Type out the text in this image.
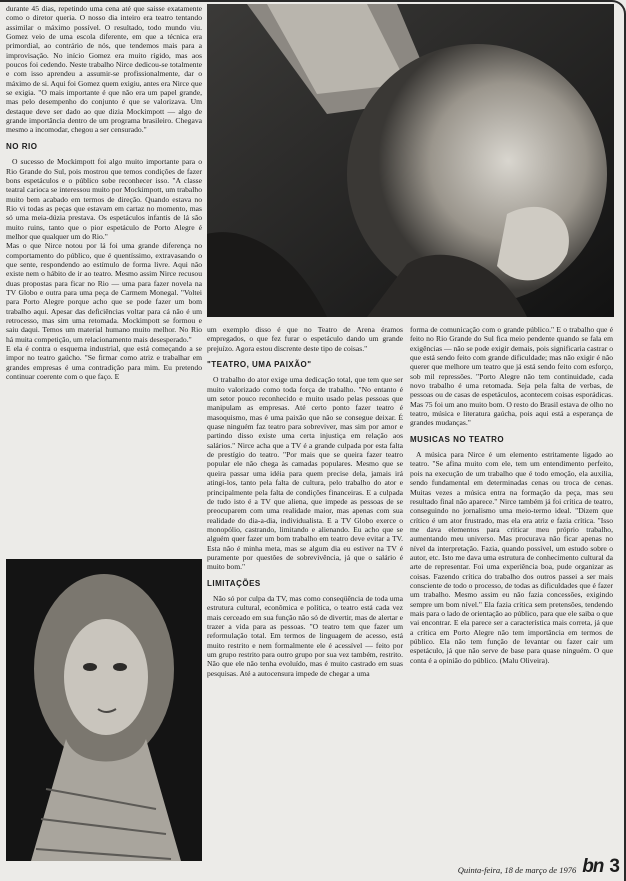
durante 45 dias, repetindo uma cena até que saisse exatamente como o diretor queria. O nosso dia inteiro era teatro tentando assimilar o máximo possível. O resultado, todo mundo viu. Gomez veio de uma escola diferente, em que a técnica era primordial, ao contrário de nós, que tendemos mais para a improvisação. No início Gomez era muito rígido, mas aos poucos foi cedendo. Neste trabalho Nirce dedicou-se totalmente e com isso aprendeu a assumir-se profissionalmente, dar o máximo de si. Aqui foi Gomez quem exigiu, antes era Nirce que se exigia. "O mais importante é que não era um papel grande, mas pelo desempenho do conjunto é que se valorizava. Um destaque deve ser dado ao que dizia Mockimpott — algo de grande importância dentro de um programa brasileiro. Chegava mesmo a incomodar, chegou a ser censurado."

NO RIO

O sucesso de Mockimpott foi algo muito importante para o Rio Grande do Sul, pois mostrou que temos condições de fazer bons espetáculos e o público sobe reconhecer isso. "A classe teatral carioca se interessou muito por Mockimpott, um trabalho muito bem acabado em termos de direção. Quando estava no Rio vi todas as peças que estavam em cartaz no momento, mas só uma meia-dúzia prestava. Os espetáculos infantis de lá são muito ruins, tanto que o pior espetáculo de Porto Alegre é melhor que qualquer um do Rio."

Mas o que Nirce notou por lá foi uma grande diferença no comportamento do público, que é quentíssimo, extravasando o que sente, respondendo ao estímulo de forma livre. Aqui não existe nem o hábito de ir ao teatro. Mesmo assim Nirce recusou duas propostas para ficar no Rio — uma para fazer novela na TV Globo e outra para uma peça de Carmem Monegal. "Voltei para Porto Alegre porque acho que se pode fazer um bom trabalho aqui. Apesar das deficiências voltar para cá não é um retrocesso, mas sim uma retomada. Mockimpott se formou e saiu daqui. Temos um material humano muito melhor. No Rio há muita competição, um relacionamento mais desesperado."

E ela é contra o esquema industrial, que está começando a se impor no teatro gaúcho. "Se firmar como atriz e trabalhar em grandes empresas é uma contradição para mim. Eu pretendo continuar coerente com o que faço. E

um exemplo disso é que no Teatro de Arena éramos empregados, o que fez furar o espetáculo dando um grande prejuízo. Agora estou discrente deste tipo de coisas."

"TEATRO, UMA PAIXÃO"

O trabalho do ator exige uma dedicação total, que tem que ser muito valorizado como toda força de trabalho. "No entanto é um setor pouco reconhecido e muito usado pelas pessoas que manipulam as empresas. Até certo ponto fazer teatro é masoquismo, mas é uma paixão que não se consegue deixar. É quase ninguém faz teatro para sobreviver, mas sim por amor e partindo disso existe uma certa injustiça em relação aos salários." Nirce acha que a TV é a grande culpada por esta falta de prestígio do teatro. "Por mais que se queira fazer teatro popular ele não chega às camadas populares. Mesmo que se queira passar uma idéia para quem precise dela, jamais irá atingi-los, tanto pela falta de cultura, pelo trabalho do ator e principalmente pela falta de condições financeiras. E a culpada de tudo isto é a TV que aliena, que impede as pessoas de se preocuparem com uma realidade maior, mas apenas com sua realidade do dia-a-dia, individualista. E a TV Globo exerce o monopólio, castrando, limitando e alienando. Eu acho que se alguém quer fazer um bom trabalho em teatro deve evitar a TV. Esta não é minha meta, mas se algum dia eu estiver na TV é puramente por questões de sobrevivência, já que o salário é muito bom."

LIMITAÇÕES

Não só por culpa da TV, mas como conseqüência de toda uma estrutura cultural, econômica e política, o teatro está cada vez mais cerceado em sua função não só de divertir, mas de alertar e trazer a vida para as pessoas. "O teatro tem que fazer um reformulação total. Em termos de linguagem de acesso, está muito restrito e nem formalmente ele é acessível — feito por um grupo restrito para outro grupo por sua vez também, restrito. Não que ele não tenha evoluído, mas é muito castrado em suas pesquisas. Até a autocensura impede de chegar a uma

forma de comunicação com o grande público." E o trabalho que é feito no Rio Grande do Sul fica meio pendente quando se fala em exigências — não se pode exigir demais, pois significaria castrar o que está sendo feito com grande dificuldade; mas não exigir é não querer que melhore um teatro que já está sendo feito com esforço, sob mil repressões. "Porto Alegre não tem continuidade, cada novo trabalho é uma retomada. Seja pela falta de verbas, de pessoas ou de casas de espetáculos, acontecem coisas esporádicas. Mas 75 foi um ano muito bom. O resto do Brasil estava de olho no teatro, música e literatura gaúcha, pois aqui está a esperança de grandes mudanças."

MUSICAS NO TEATRO

A música para Nirce é um elemento estritamente ligado ao teatro. "Se afina muito com ele, tem um entendimento perfeito, pois na execução de um trabalho que é todo emoção, ela auxilia, sendo fundamental em determinadas cenas ou troca de cenas. Muitas vezes a música entra na formação da peça, mas seu resultado final não aparece." Nirce também já foi crítica de teatro, conseguindo no jornalismo uma meio-termo ideal. "Dizem que crítico é um ator frustrado, mas ela era atriz e fazia crítica. "Isso me dava elementos para criticar meu próprio trabalho, aumentando meu universo. Mas procurava não ficar apenas no nível da interpretação. Fazia, quando possível, um estudo sobre o autor, etc. Isto me dava uma estrutura de conhecimento cultural da arte de representar. Foi uma experiência boa, pude organizar as coisas. Fazendo crítica do trabalho dos outros passei a ser mais consciente de todo o processo, de todas as dificuldades que é fazer um trabalho. Mesmo assim eu não fazia concessões, exigindo sempre um bom nível." Ela fazia crítica sem pretensões, tendendo mais para o lado de orientação ao público, para que ele saiba o que vai encontrar. E ela parece ser a característica mais correta, já que a crítica em Porto Alegre não tem importância em termos de público. Ela não tem função de levantar ou fazer cair um espetáculo, já que não serve de base para quase ninguém. O que conta é a opinião do público. (Malu Oliveira).

Quinta-feira, 18 de março de 1976 bn 3
